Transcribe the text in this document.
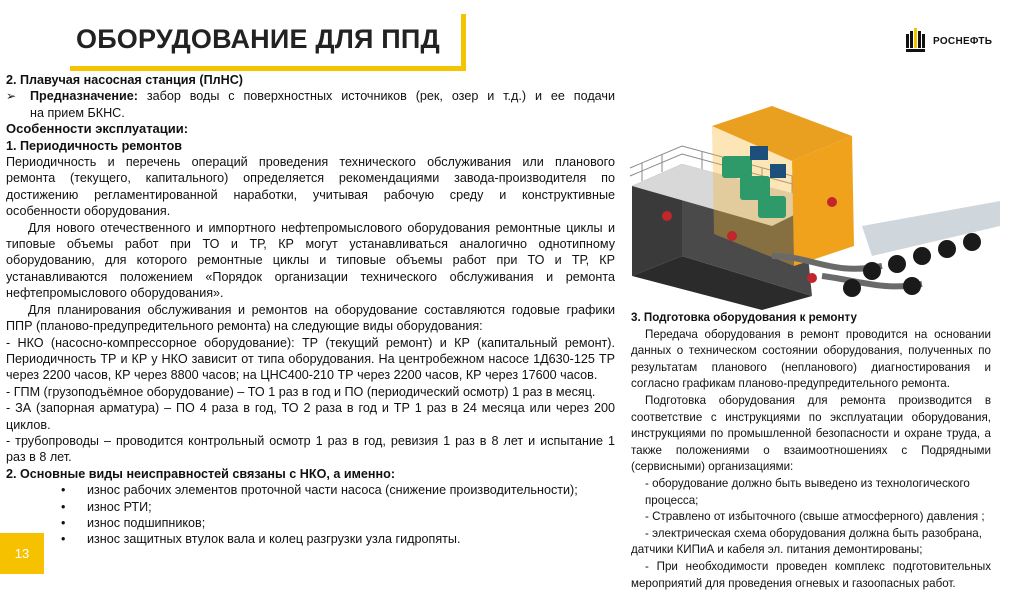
ОБОРУДОВАНИЕ ДЛЯ ППД	РОСНЕФТЬ

2. Плавучая насосная станция (ПлНС)

➢	Предназначение: забор воды с поверхностных источников (рек, озер и т.д.) и ее подачи

на прием БКНС.

Особенности эксплуатации:

1. Периодичность ремонтов

Периодичность и перечень операций проведения технического обслуживания или планового

ремонта (текущего, капитального) определяется рекомендациями завода-производителя по

достижению регламентированной наработки, учитывая рабочую среду и конструктивные

особенности оборудования.

Для нового отечественного и импортного нефтепромыслового оборудования ремонтные циклы и

типовые объемы работ при ТО и ТР, КР могут устанавливаться аналогично однотипному

оборудованию, для которого ремонтные циклы и типовые объемы работ при ТО и ТР, КР

устанавливаются положением «Порядок организации технического обслуживания и ремонта

нефтепромыслового оборудования».

Для планирования обслуживания и ремонтов на оборудование составляются годовые графики

ППР (планово-предупредительного ремонта) на следующие виды оборудования:

- НКО (насосно-компрессорное оборудование): ТР (текущий ремонт) и КР (капитальный ремонт).

Периодичность ТР и КР у НКО зависит от типа оборудования. На центробежном насосе 1Д630-125 ТР

через 2200 часов, КР через 8800 часов; на ЦНС400-210 ТР через 2200 часов, КР через 17600 часов.

- ГПМ (грузоподъёмное оборудование) – ТО 1 раз в год и ПО (периодический осмотр) 1 раз в месяц.

- ЗА (запорная арматура) – ПО 4 раза в год, ТО 2 раза в год и ТР 1 раз в 24 месяца или через 200

циклов.

- трубопроводы – проводится контрольный осмотр 1 раз в год, ревизия 1 раз в 8 лет и испытание 1

раз в 8 лет.

2. Основные виды неисправностей связаны с НКО, а именно:

•	износ рабочих элементов проточной части насоса (снижение производительности);
•	износ РТИ;
•	износ подшипников;
•	износ защитных втулок вала и колец разгрузки узла гидропяты.

3. Подготовка оборудования к ремонту

Передача оборудования в ремонт проводится на основании

данных о техническом состоянии оборудования, полученных по

результатам планового (непланового) диагностирования и

согласно графикам планово-предупредительного ремонта.

Подготовка оборудования для ремонта производится в

соответствие с инструкциями по эксплуатации оборудования,

инструкциями по промышленной безопасности и охране труда, а

также положениями о взаимоотношениях с Подрядными

(сервисными) организациями:

- оборудование должно быть выведено из технологического

процесса;

- Стравлено от избыточного (свыше атмосферного) давления ;

- электрическая схема оборудования должна быть разобрана,

датчики КИПиА и кабеля эл. питания демонтированы;

- При необходимости проведен комплекс подготовительных

мероприятий для проведения огневых и газоопасных работ.

13
